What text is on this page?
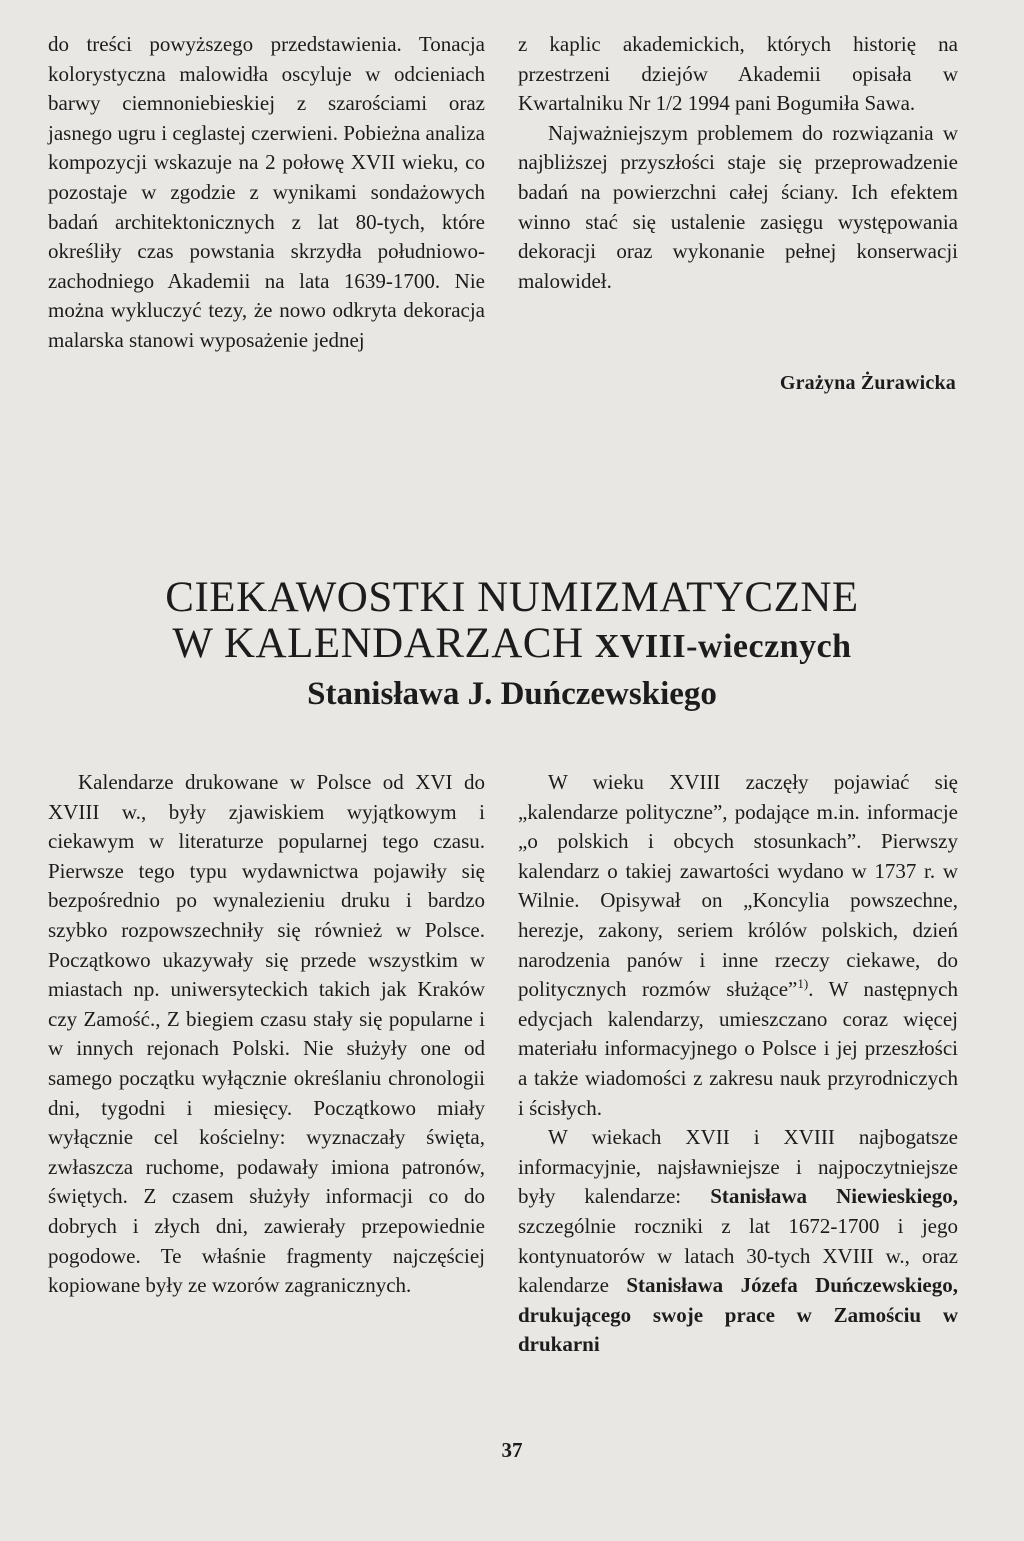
do treści powyższego przedstawienia. Tonacja kolorystyczna malowidła oscyluje w odcieniach barwy ciemnoniebieskiej z szarościami oraz jasnego ugru i ceglastej czerwieni. Pobieżna analiza kompozycji wskazuje na 2 połowę XVII wieku, co pozostaje w zgodzie z wynikami sondażowych badań architektonicznych z lat 80-tych, które określiły czas powstania skrzydła południowo-zachodniego Akademii na lata 1639-1700. Nie można wykluczyć tezy, że nowo odkryta dekoracja malarska stanowi wyposażenie jednej

z kaplic akademickich, których historię na przestrzeni dziejów Akademii opisała w Kwartalniku Nr 1/2 1994 pani Bogumiła Sawa.

Najważniejszym problemem do rozwiązania w najbliższej przyszłości staje się przeprowadzenie badań na powierzchni całej ściany. Ich efektem winno stać się ustalenie zasięgu występowania dekoracji oraz wykonanie pełnej konserwacji malowideł.

Grażyna Żurawicka
CIEKAWOSTKI NUMIZMATYCZNE
W KALENDARZACH XVIII-wiecznych
Stanisława J. Duńczewskiego

Kalendarze drukowane w Polsce od XVI do XVIII w., były zjawiskiem wyjątkowym i ciekawym w literaturze popularnej tego czasu. Pierwsze tego typu wydawnictwa pojawiły się bezpośrednio po wynalezieniu druku i bardzo szybko rozpowszechniły się również w Polsce. Początkowo ukazywały się przede wszystkim w miastach np. uniwersyteckich takich jak Kraków czy Zamość., Z biegiem czasu stały się popularne i w innych rejonach Polski. Nie służyły one od samego początku wyłącznie określaniu chronologii dni, tygodni i miesięcy. Początkowo miały wyłącznie cel kościelny: wyznaczały święta, zwłaszcza ruchome, podawały imiona patronów, świętych. Z czasem służyły informacji co do dobrych i złych dni, zawierały przepowiednie pogodowe. Te właśnie fragmenty najczęściej kopiowane były ze wzorów zagranicznych.

W wieku XVIII zaczęły pojawiać się „kalendarze polityczne”, podające m.in. informacje „o polskich i obcych stosunkach”. Pierwszy kalendarz o takiej zawartości wydano w 1737 r. w Wilnie. Opisywał on „Koncylia powszechne, herezje, zakony, seriem królów polskich, dzień narodzenia panów i inne rzeczy ciekawe, do politycznych rozmów służące”$^{1)}$. W następnych edycjach kalendarzy, umieszczano coraz więcej materiału informacyjnego o Polsce i jej przeszłości a także wiadomości z zakresu nauk przyrodniczych i ścisłych.

W wiekach XVII i XVIII najbogatsze informacyjnie, najsławniejsze i najpoczytniejsze były kalendarze: Stanisława Niewieskiego, szczególnie roczniki z lat 1672-1700 i jego kontynuatorów w latach 30-tych XVIII w., oraz kalendarze Stanisława Józefa Duńczewskiego, drukującego swoje prace w Zamościu w drukarni

37
